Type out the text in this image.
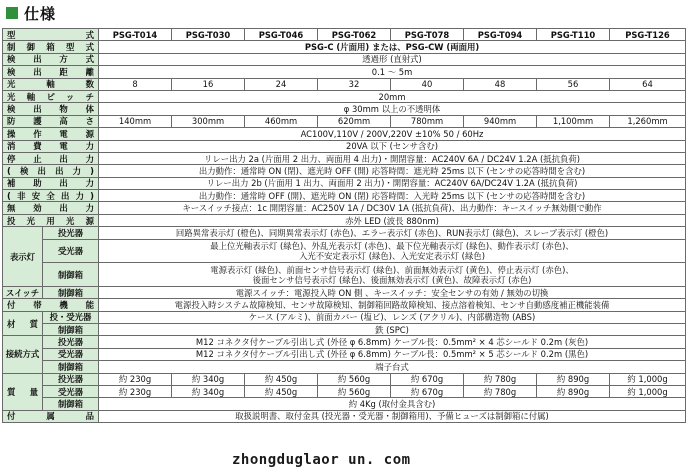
仕様
型 式		PSG-T014	PSG-T030	PSG-T046	PSG-T062	PSG-T078	PSG-T094	PSG-T110	PSG-T126
制御箱型式		PSG-C (片面用) または、PSG-CW (両面用)							
検出方式		透過形 (直射式)							
検出距離		0.1 ～ 5m							
光軸数		8	16	24	32	40	48	56	64
光軸ピッチ		20mm							
検出物体		φ 30mm 以上の不透明体							
防護高さ		140mm	300mm	460mm	620mm	780mm	940mm	1,100mm	1,260mm
操作電源		AC100V,110V / 200V,220V ±10% 50 / 60Hz							
消費電力		20VA 以下 (センサ含む)							
停止出力		リレー出力 2a (片面用 2 出力、両面用 4 出力)・開閉容量：AC240V 6A / DC24V 1.2A (抵抗負荷)							
(検出出力)		出力動作：通常時 ON (閉)、遮光時 OFF (開) 応答時間：遮光時 25ms 以下 (センサの応答時間を含む)							
補助出力		リレー出力 2b (片面用 1 出力、両面用 2 出力)・開閉容量：AC240V 6A/DC24V 1.2A (抵抗負荷)							
(非安全出力)		出力動作：通常時 OFF (開)、遮光時 ON (閉) 応答時間：入光時 25ms 以下 (センサの応答時間を含む)							
無効出力		キースイッチ接点：1c 開閉容量：AC250V 1A / DC30V 1A (抵抗負荷)、出力動作：キースイッチ無効側で動作							
投光用光源		赤外 LED (波長 880nm)							
表示灯	投光器	回路異常表示灯 (橙色)、同期異常表示灯 (赤色)、エラー表示灯 (赤色)、RUN表示灯 (緑色)、スレーブ表示灯 (橙色)							
	受光器	最上位光軸表示灯 (緑色)、外乱光表示灯 (赤色)、最下位光軸表示灯 (緑色)、動作表示灯 (赤色)、
入光不安定表示灯 (緑色)、入光安定表示灯 (緑色)							

	制御箱	電源表示灯 (緑色)、前面センサ信号表示灯 (緑色)、前面無効表示灯 (黄色)、停止表示灯 (赤色)、
後面センサ信号表示灯 (緑色)、後面無効表示灯 (黄色)、故障表示灯 (赤色)							

スイッチ	制御箱	電源スイッチ：電源投入時 ON 側 、キースイッチ：安全センサの有効 / 無効の切換							
付帯機能		電源投入時システム故障検知、センサ故障検知、制御箱回路故障検知、接点溶着検知、センサ自動感度補正機能装備							
材質	投・受光器	ケース (アルミ)、前面カバー (塩ビ)、レンズ (アクリル)、内部構造物 (ABS)							
	制御箱	鉄 (SPC)							
接続方式	投光器	M12 コネクタ付ケーブル引出し式 (外径 φ 6.8mm) ケーブル長：0.5mm² × 4 芯シールド 0.2m (灰色)							
	受光器	M12 コネクタ付ケーブル引出し式 (外径 φ 6.8mm) ケーブル長：0.5mm² × 5 芯シールド 0.2m (黒色)							
	制御箱	端子台式							
質量	投光器	約 230g	約 340g	約 450g	約 560g	約 670g	約 780g	約 890g	約 1,000g
	受光器	約 230g	約 340g	約 450g	約 560g	約 670g	約 780g	約 890g	約 1,000g
	制御箱	約 4Kg (取付金具含む)							
付属品		取扱説明書、取付金具 (投光器・受光器・制御箱用)、予備ヒューズは制御箱に付属)							
zhongduglaor un. com
